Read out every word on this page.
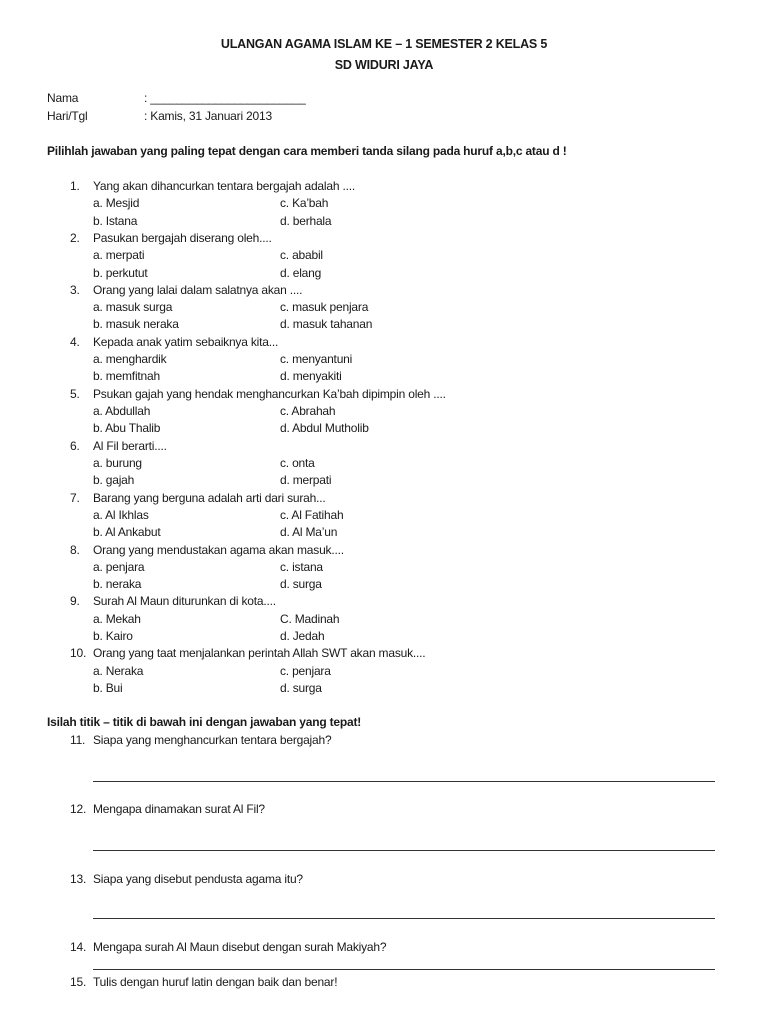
ULANGAN AGAMA ISLAM KE – 1 SEMESTER 2 KELAS 5
SD WIDURI JAYA
Nama	: ________________________
Hari/Tgl	: Kamis, 31 Januari 2013
Pilihlah jawaban yang paling tepat dengan cara memberi tanda silang pada huruf a,b,c atau d !
1. Yang akan dihancurkan tentara bergajah adalah ....
a. Mesjid	c. Ka’bah
b. Istana	d. berhala
2. Pasukan bergajah diserang oleh....
a. merpati	c. ababil
b. perkutut	d. elang
3. Orang yang lalai dalam salatnya akan ....
a. masuk surga	c. masuk penjara
b. masuk neraka	d. masuk tahanan
4. Kepada anak yatim sebaiknya kita...
a. menghardik	c. menyantuni
b. memfitnah	d. menyakiti
5. Psukan gajah yang hendak menghancurkan Ka’bah dipimpin oleh ....
a. Abdullah	c. Abrahah
b. Abu Thalib	d. Abdul Mutholib
6. Al Fil berarti....
a. burung	c. onta
b. gajah	d. merpati
7. Barang yang berguna adalah arti dari surah...
a. Al Ikhlas	c. Al Fatihah
b. Al Ankabut	d. Al Ma’un
8. Orang yang mendustakan agama akan masuk....
a. penjara	c. istana
b. neraka	d. surga
9. Surah Al Maun diturunkan di kota....
a. Mekah	C. Madinah
b. Kairo	d. Jedah
10. Orang yang taat menjalankan perintah Allah SWT akan masuk....
a. Neraka	c. penjara
b. Bui	d. surga
Isilah titik – titik di bawah ini dengan jawaban yang tepat!
11. Siapa yang menghancurkan tentara bergajah?
12. Mengapa dinamakan surat Al Fil?
13. Siapa yang disebut pendusta agama itu?
14. Mengapa surah Al Maun disebut dengan surah Makiyah?
15. Tulis dengan huruf latin dengan baik dan benar!
